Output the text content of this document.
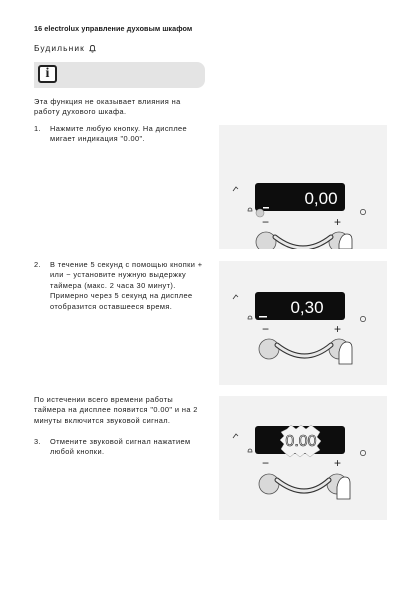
16 electrolux управление духовым шкафом
Будильник
i
Эта функция не оказывает влияния на работу духового шкафа.
1. Нажмите любую кнопку. На дисплее мигает индикация "0.00".
2. В течение 5 секунд с помощью кнопки + или − установите нужную выдержку таймера (макс. 2 часа 30 минут). Примерно через 5 секунд на дисплее отобразится оставшееся время.
По истечении всего времени работы таймера на дисплее появится "0.00" и на 2 минуты включится звуковой сигнал.
3. Отмените звуковой сигнал нажатием любой кнопки.
0,00
−	+
0,30
−	+
0.00
−	+
